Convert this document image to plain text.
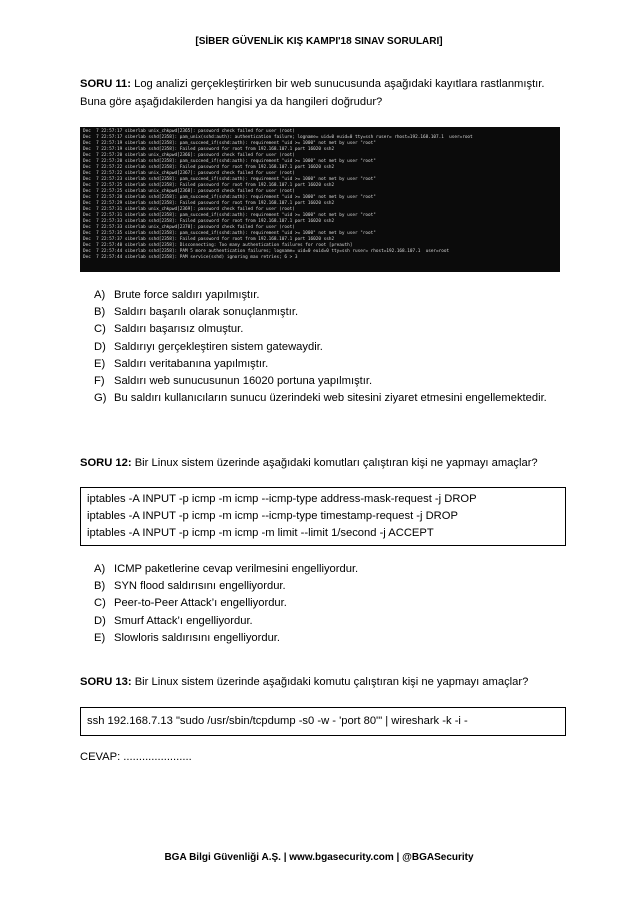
[SİBER GÜVENLİK KIŞ KAMPI'18 SINAV SORULARI]
SORU 11: Log analizi gerçekleştirirken bir web sunucusunda aşağıdaki kayıtlara rastlanmıştır. Buna göre aşağıdakilerden hangisi ya da hangileri doğrudur?
Dec  7 22:57:17 siberlab unix_chkpwd[2365]: password check failed for user (root)
Dec  7 22:57:17 siberlab sshd[2358]: pam_unix(sshd:auth): authentication failure; logname= uid=0 euid=0 tty=ssh ruser= rhost=192.168.107.1  user=root
Dec  7 22:57:19 siberlab sshd[2358]: pam_succeed_if(sshd:auth): requirement "uid >= 1000" not met by user "root"
Dec  7 22:57:19 siberlab sshd[2358]: Failed password for root from 192.168.107.1 port 16020 ssh2
Dec  7 22:57:20 siberlab unix_chkpwd[2366]: password check failed for user (root)
Dec  7 22:57:20 siberlab sshd[2358]: pam_succeed_if(sshd:auth): requirement "uid >= 1000" not met by user "root"
Dec  7 22:57:22 siberlab sshd[2358]: Failed password for root from 192.168.107.1 port 16020 ssh2
Dec  7 22:57:22 siberlab unix_chkpwd[2367]: password check failed for user (root)
Dec  7 22:57:23 siberlab sshd[2358]: pam_succeed_if(sshd:auth): requirement "uid >= 1000" not met by user "root"
Dec  7 22:57:25 siberlab sshd[2358]: Failed password for root from 192.168.107.1 port 16020 ssh2
Dec  7 22:57:25 siberlab unix_chkpwd[2368]: password check failed for user (root)
Dec  7 22:57:28 siberlab sshd[2358]: pam_succeed_if(sshd:auth): requirement "uid >= 1000" not met by user "root"
Dec  7 22:57:29 siberlab sshd[2358]: Failed password for root from 192.168.107.1 port 16020 ssh2
Dec  7 22:57:31 siberlab unix_chkpwd[2369]: password check failed for user (root)
Dec  7 22:57:31 siberlab sshd[2358]: pam_succeed_if(sshd:auth): requirement "uid >= 1000" not met by user "root"
Dec  7 22:57:33 siberlab sshd[2358]: Failed password for root from 192.168.107.1 port 16020 ssh2
Dec  7 22:57:33 siberlab unix_chkpwd[2370]: password check failed for user (root)
Dec  7 22:57:35 siberlab sshd[2358]: pam_succeed_if(sshd:auth): requirement "uid >= 1000" not met by user "root"
Dec  7 22:57:37 siberlab sshd[2358]: Failed password for root from 192.168.107.1 port 16020 ssh2
Dec  7 22:57:40 siberlab sshd[2358]: Disconnecting: Too many authentication failures for root [preauth]
Dec  7 22:57:44 siberlab sshd[2358]: PAM 5 more authentication failures; logname= uid=0 euid=0 tty=ssh ruser= rhost=192.168.107.1  user=root
Dec  7 22:57:44 siberlab sshd[2358]: PAM service(sshd) ignoring max retries; 6 > 3
A) Brute force saldırı yapılmıştır.
B) Saldırı başarılı olarak sonuçlanmıştır.
C) Saldırı başarısız olmuştur.
D) Saldırıyı gerçekleştiren sistem gatewaydir.
E) Saldırı veritabanına yapılmıştır.
F) Saldırı web sunucusunun 16020 portuna yapılmıştır.
G) Bu saldırı kullanıcıların sunucu üzerindeki web sitesini ziyaret etmesini engellemektedir.
SORU 12: Bir Linux sistem üzerinde aşağıdaki komutları çalıştıran kişi ne yapmayı amaçlar?
iptables -A INPUT -p icmp -m icmp --icmp-type address-mask-request -j DROP
iptables -A INPUT -p icmp -m icmp --icmp-type timestamp-request -j DROP
iptables -A INPUT -p icmp -m icmp -m limit --limit 1/second -j ACCEPT
A) ICMP paketlerine cevap verilmesini engelliyordur.
B) SYN flood saldırısını engelliyordur.
C) Peer-to-Peer Attack’ı engelliyordur.
D) Smurf Attack’ı engelliyordur.
E) Slowloris saldırısını engelliyordur.
SORU 13: Bir Linux sistem üzerinde aşağıdaki komutu çalıştıran kişi ne yapmayı amaçlar?
ssh 192.168.7.13 "sudo /usr/sbin/tcpdump -s0 -w - 'port 80'" | wireshark -k -i -
CEVAP: ......................
BGA Bilgi Güvenliği A.Ş. | www.bgasecurity.com | @BGASecurity
